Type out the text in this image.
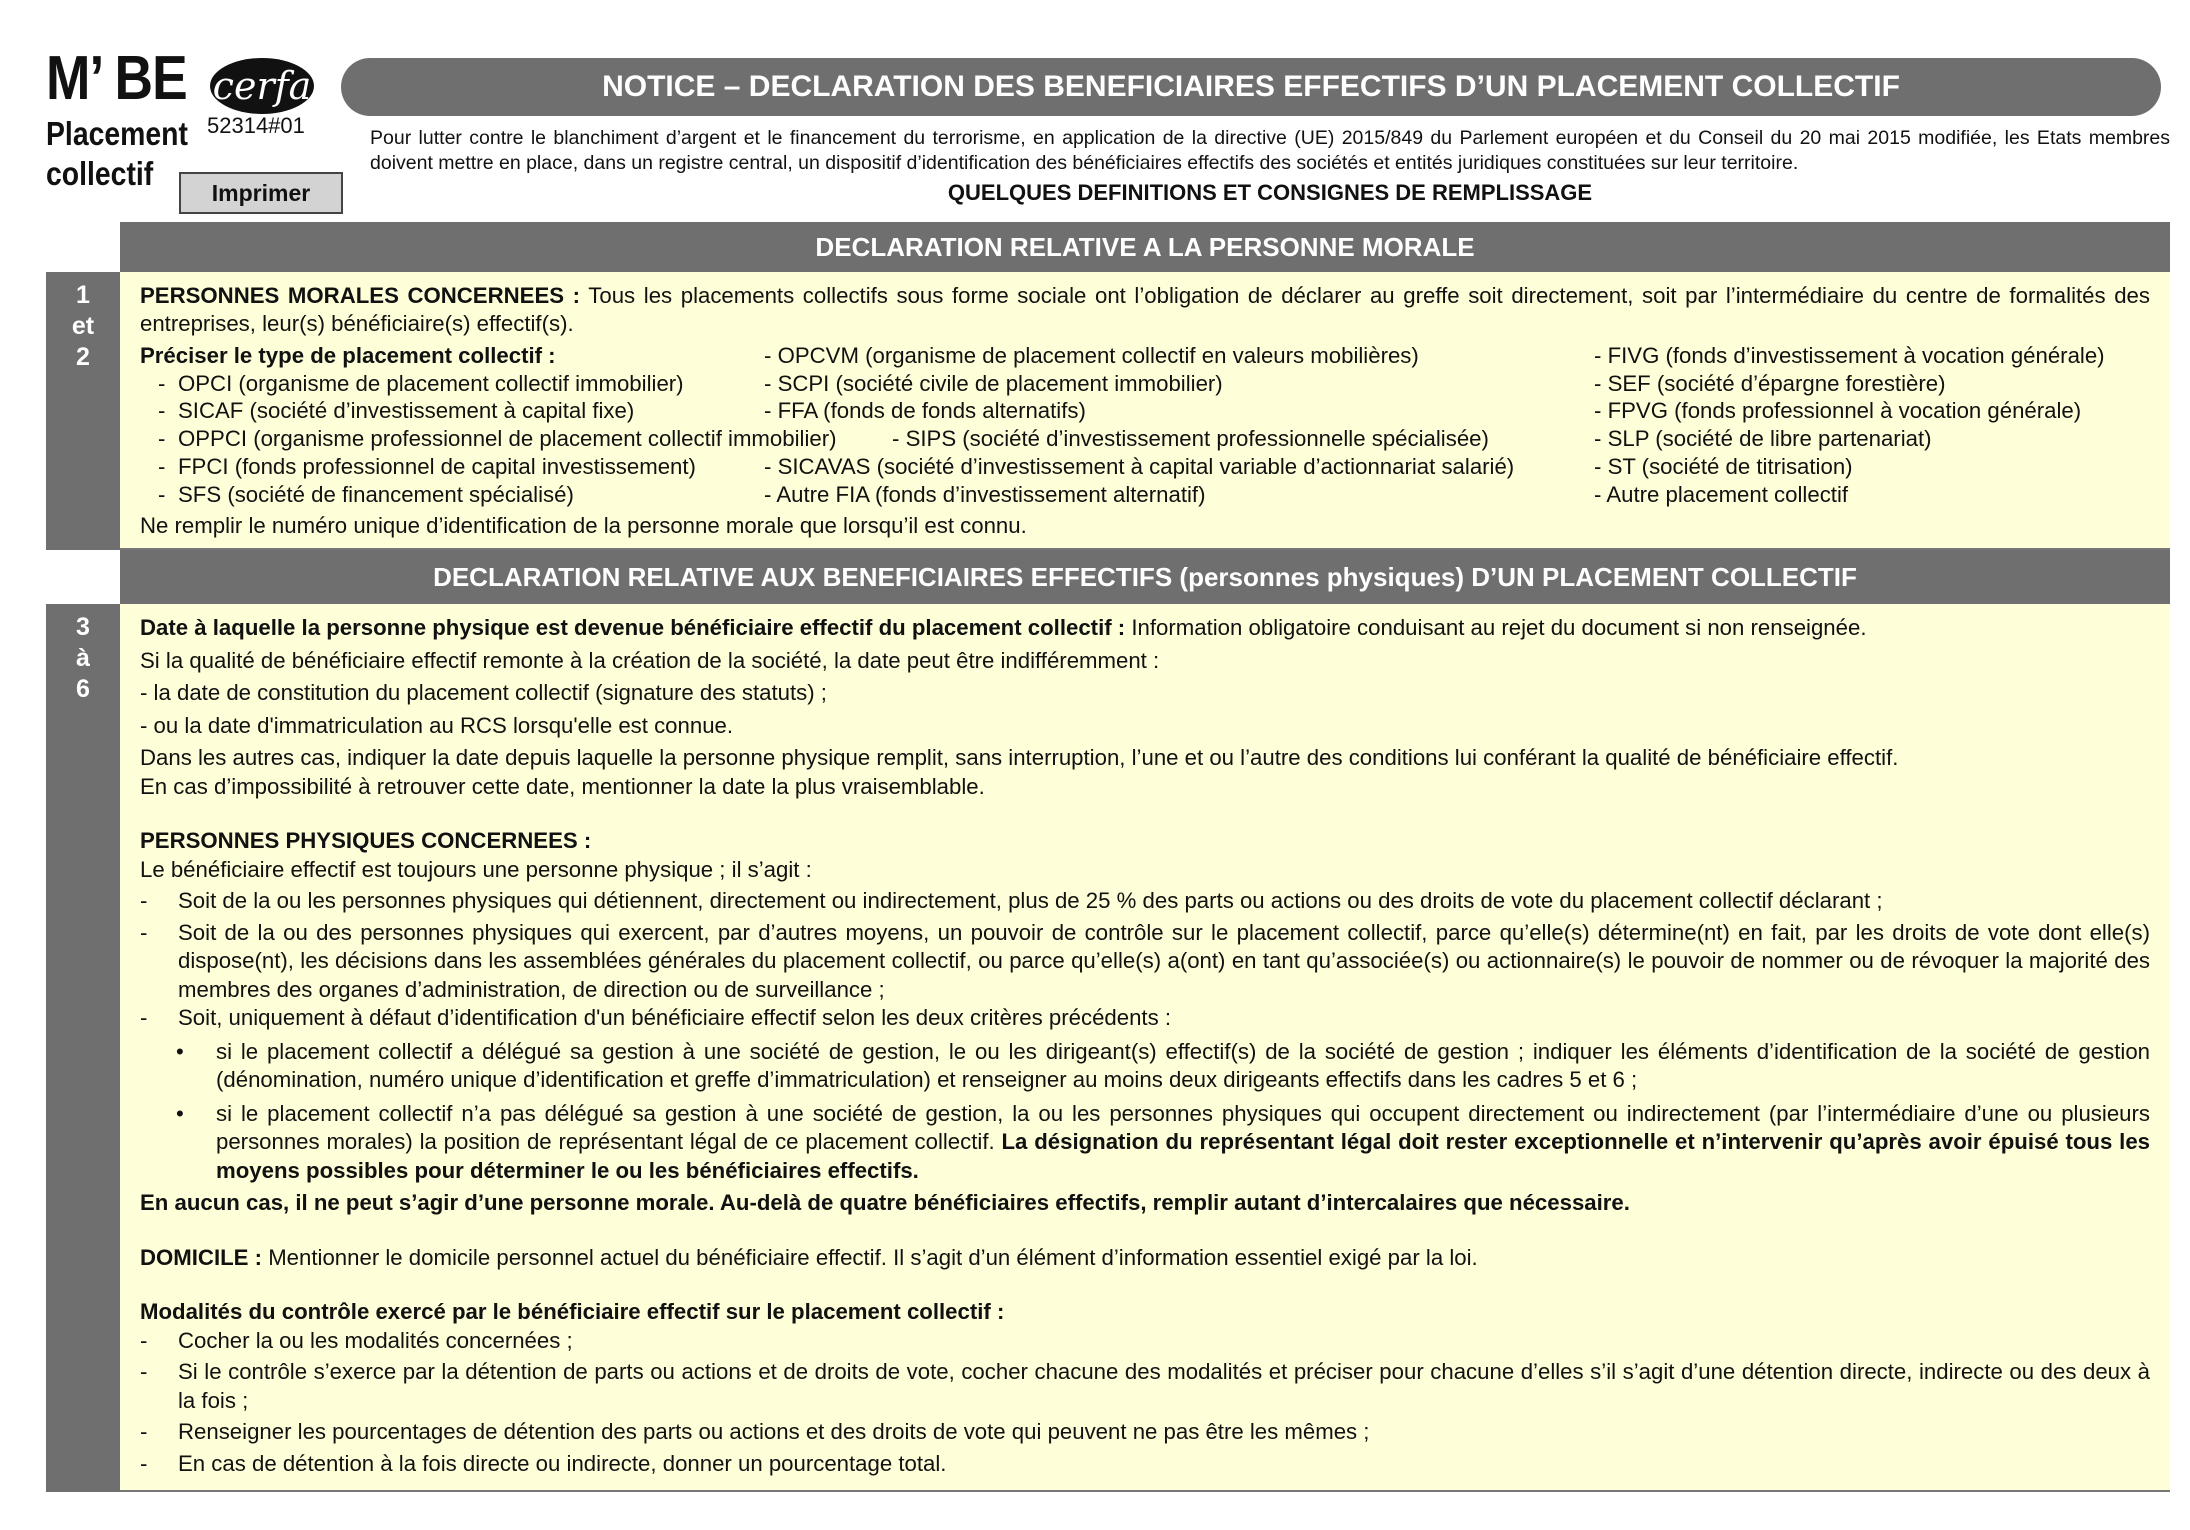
M’ BE
Placement
collectif
cerfa
52314#01
Imprimer
NOTICE – DECLARATION DES BENEFICIAIRES EFFECTIFS D’UN PLACEMENT COLLECTIF
Pour lutter contre le blanchiment d’argent et le financement du terrorisme, en application de la directive (UE) 2015/849 du Parlement européen et du Conseil du 20 mai 2015 modifiée, les Etats membres doivent mettre en place, dans un registre central, un dispositif d’identification des bénéficiaires effectifs des sociétés et entités juridiques constituées sur leur territoire.
QUELQUES DEFINITIONS ET CONSIGNES DE REMPLISSAGE
DECLARATION RELATIVE A LA PERSONNE MORALE
1
et
2
PERSONNES MORALES CONCERNEES : Tous les placements collectifs sous forme sociale ont l’obligation de déclarer au greffe soit directement, soit par l’intermédiaire du centre de formalités des entreprises, leur(s) bénéficiaire(s) effectif(s).
Préciser le type de placement collectif :
- OPCI (organisme de placement collectif immobilier)
- SICAF (société d’investissement à capital fixe)
- OPPCI (organisme professionnel de placement collectif immobilier)
- FPCI (fonds professionnel de capital investissement)
- SFS (société de financement spécialisé)
- OPCVM (organisme de placement collectif en valeurs mobilières)
- SCPI (société civile de placement immobilier)
- FFA (fonds de fonds alternatifs)
- SIPS (société d’investissement professionnelle spécialisée)
- SICAVAS (société d’investissement à capital variable d’actionnariat salarié)
- Autre FIA (fonds d’investissement alternatif)
- FIVG (fonds d’investissement à vocation générale)
- SEF (société d’épargne forestière)
- FPVG (fonds professionnel à vocation générale)
- SLP (société de libre partenariat)
- ST (société de titrisation)
- Autre placement collectif
Ne remplir le numéro unique d’identification de la personne morale que lorsqu’il est connu.
DECLARATION RELATIVE AUX BENEFICIAIRES EFFECTIFS
(personnes physiques)
D’UN PLACEMENT COLLECTIF
3
à
6
Date à laquelle la personne physique est devenue bénéficiaire effectif du placement collectif : Information obligatoire conduisant au rejet du document si non renseignée.
Si la qualité de bénéficiaire effectif remonte à la création de la société, la date peut être indifféremment :
- la date de constitution du placement collectif (signature des statuts) ;
- ou la date d'immatriculation au RCS lorsqu'elle est connue.
Dans les autres cas, indiquer la date depuis laquelle la personne physique remplit, sans interruption, l’une et ou l’autre des conditions lui conférant la qualité de bénéficiaire effectif.
En cas d’impossibilité à retrouver cette date, mentionner la date la plus vraisemblable.
PERSONNES PHYSIQUES CONCERNEES :
Le bénéficiaire effectif est toujours une personne physique ; il s’agit :
- Soit de la ou les personnes physiques qui détiennent, directement ou indirectement, plus de 25 % des parts ou actions ou des droits de vote du placement collectif déclarant ;
- Soit de la ou des personnes physiques qui exercent, par d’autres moyens, un pouvoir de contrôle sur le placement collectif, parce qu’elle(s) détermine(nt) en fait, par les droits de vote dont elle(s) dispose(nt), les décisions dans les assemblées générales du placement collectif, ou parce qu’elle(s) a(ont) en tant qu’associée(s) ou actionnaire(s) le pouvoir de nommer ou de révoquer la majorité des membres des organes d’administration, de direction ou de surveillance ;
- Soit, uniquement à défaut d’identification d'un bénéficiaire effectif selon les deux critères précédents :
• si le placement collectif a délégué sa gestion à une société de gestion, le ou les dirigeant(s) effectif(s) de la société de gestion ; indiquer les éléments d’identification de la société de gestion (dénomination, numéro unique d’identification et greffe d’immatriculation) et renseigner au moins deux dirigeants effectifs dans les cadres 5 et 6 ;
• si le placement collectif n’a pas délégué sa gestion à une société de gestion, la ou les personnes physiques qui occupent directement ou indirectement (par l’intermédiaire d’une ou plusieurs personnes morales) la position de représentant légal de ce placement collectif. La désignation du représentant légal doit rester exceptionnelle et n’intervenir qu’après avoir épuisé tous les moyens possibles pour déterminer le ou les bénéficiaires effectifs.
En aucun cas, il ne peut s’agir d’une personne morale. Au-delà de quatre bénéficiaires effectifs, remplir autant d’intercalaires que nécessaire.
DOMICILE : Mentionner le domicile personnel actuel du bénéficiaire effectif. Il s’agit d’un élément d’information essentiel exigé par la loi.
Modalités du contrôle exercé par le bénéficiaire effectif sur le placement collectif :
- Cocher la ou les modalités concernées ;
- Si le contrôle s’exerce par la détention de parts ou actions et de droits de vote, cocher chacune des modalités et préciser pour chacune d’elles s’il s’agit d’une détention directe, indirecte ou des deux à la fois ;
- Renseigner les pourcentages de détention des parts ou actions et des droits de vote qui peuvent ne pas être les mêmes ;
- En cas de détention à la fois directe ou indirecte, donner un pourcentage total.
